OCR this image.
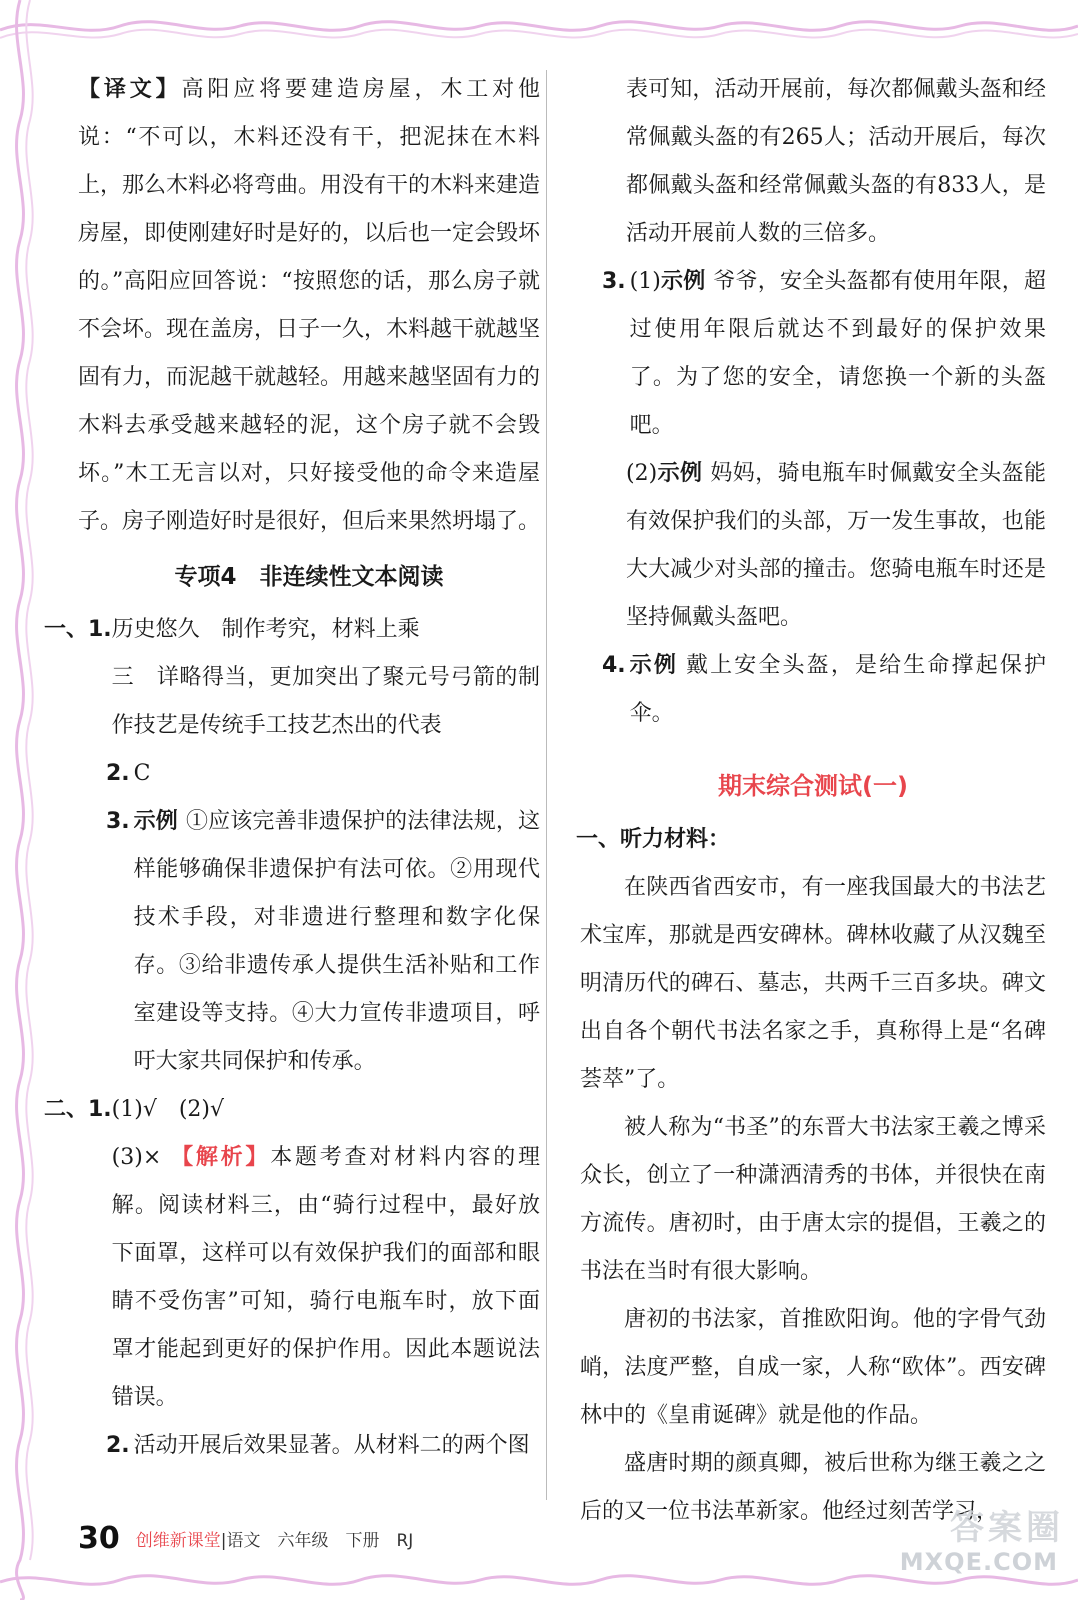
【译文】高阳应将要建造房屋，木工对他说：“不可以，木料还没有干，把泥抹在木料上，那么木料必将弯曲。用没有干的木料来建造房屋，即使刚建好时是好的，以后也一定会毁坏的。”高阳应回答说：“按照您的话，那么房子就不会坏。现在盖房，日子一久，木料越干就越坚固有力，而泥越干就越轻。用越来越坚固有力的木料去承受越来越轻的泥，这个房子就不会毁坏。”木工无言以对，只好接受他的命令来造屋子。房子刚造好时是很好，但后来果然坍塌了。

专项4　非连续性文本阅读
一、1. 历史悠久　制作考究，材料上乘

三　详略得当，更加突出了聚元号弓箭的制作技艺是传统手工技艺杰出的代表

2. C

3. 示例 ①应该完善非遗保护的法律法规，这样能够确保非遗保护有法可依。②用现代技术手段，对非遗进行整理和数字化保存。③给非遗传承人提供生活补贴和工作室建设等支持。④大力宣传非遗项目，呼吁大家共同保护和传承。

二、1. (1)√　(2)√

(3)× 【解析】本题考查对材料内容的理解。阅读材料三，由“骑行过程中，最好放下面罩，这样可以有效保护我们的面部和眼睛不受伤害”可知，骑行电瓶车时，放下面罩才能起到更好的保护作用。因此本题说法错误。

2. 活动开展后效果显著。从材料二的两个图

表可知，活动开展前，每次都佩戴头盔和经常佩戴头盔的有265人；活动开展后，每次都佩戴头盔和经常佩戴头盔的有833人，是活动开展前人数的三倍多。

3. (1)示例 爷爷，安全头盔都有使用年限，超过使用年限后就达不到最好的保护效果了。为了您的安全，请您换一个新的头盔吧。

(2)示例 妈妈，骑电瓶车时佩戴安全头盔能有效保护我们的头部，万一发生事故，也能大大减少对头部的撞击。您骑电瓶车时还是坚持佩戴头盔吧。

4. 示例 戴上安全头盔，是给生命撑起保护伞。

期末综合测试(一)

一、听力材料：

在陕西省西安市，有一座我国最大的书法艺术宝库，那就是西安碑林。碑林收藏了从汉魏至明清历代的碑石、墓志，共两千三百多块。碑文出自各个朝代书法名家之手，真称得上是“名碑荟萃”了。

被人称为“书圣”的东晋大书法家王羲之博采众长，创立了一种潇洒清秀的书体，并很快在南方流传。唐初时，由于唐太宗的提倡，王羲之的书法在当时有很大影响。

唐初的书法家，首推欧阳询。他的字骨气劲峭，法度严整，自成一家，人称“欧体”。西安碑林中的《皇甫诞碑》就是他的作品。

盛唐时期的颜真卿，被后世称为继王羲之之后的又一位书法革新家。他经过刻苦学习，

30 创维新课堂|语文　六年级　下册　RJ	答案圈
MXQE.COM
